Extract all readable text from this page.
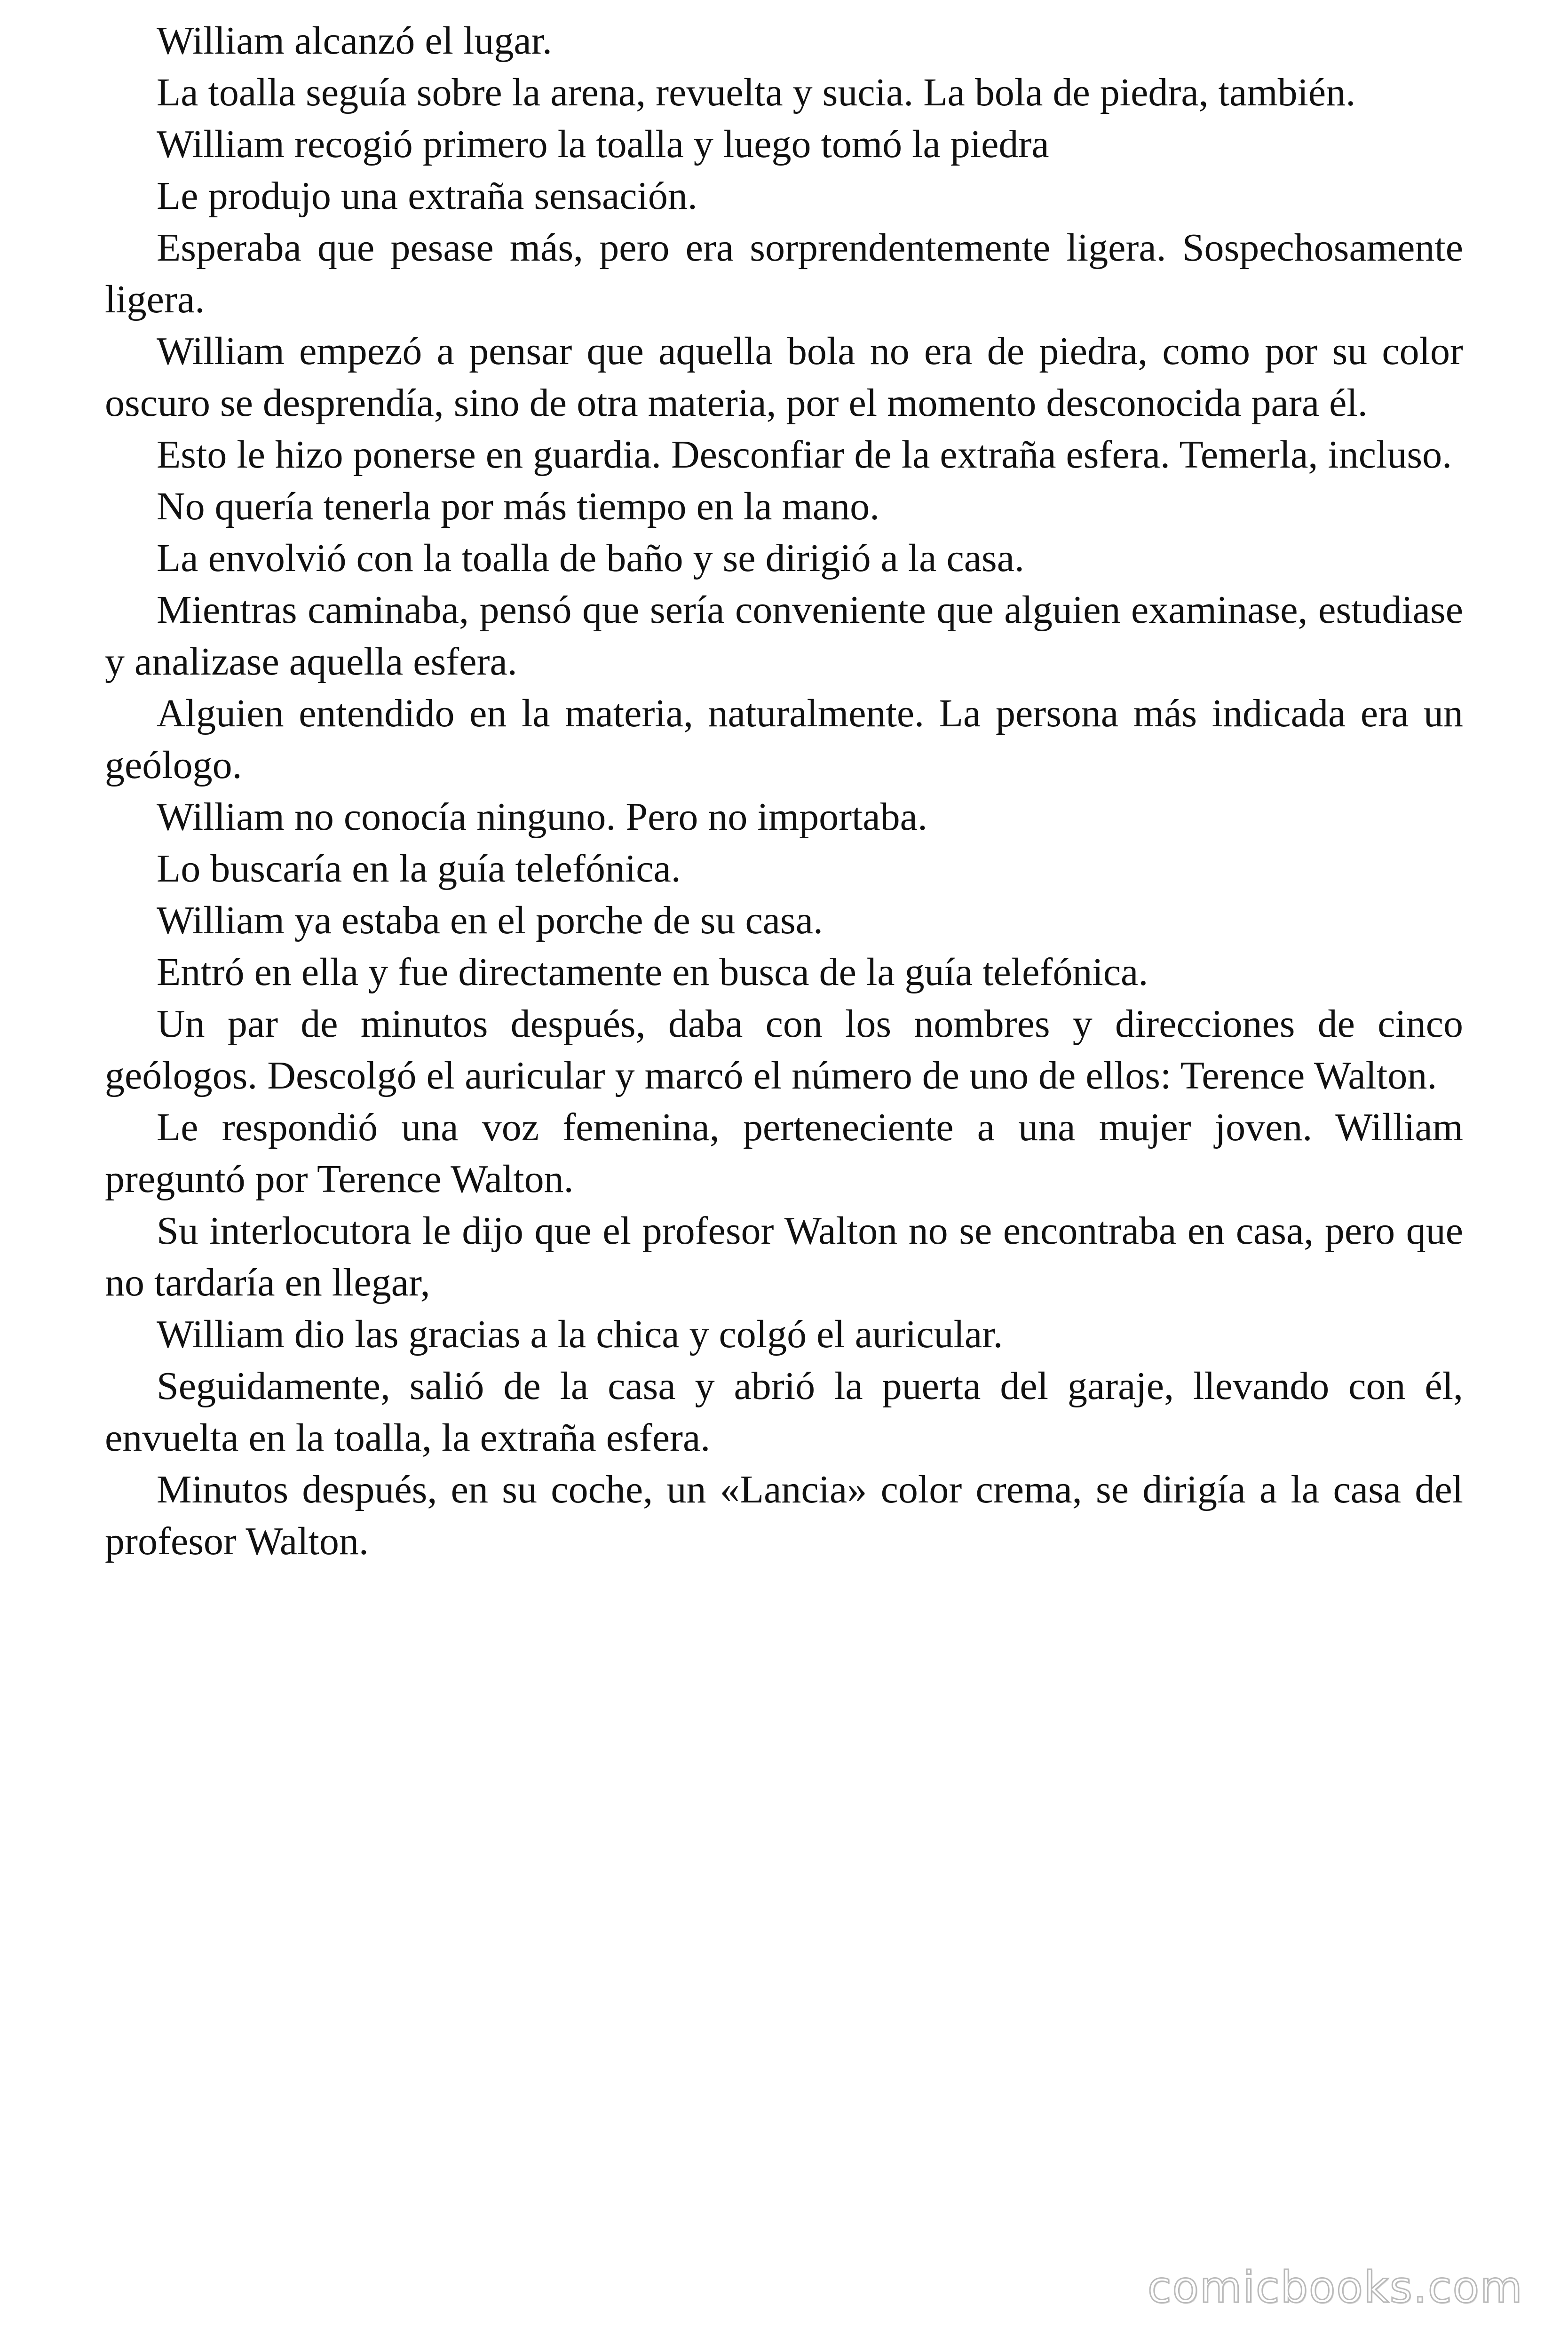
William alcanzó el lugar.

La toalla seguía sobre la arena, revuelta y sucia. La bola de piedra, también.

William recogió primero la toalla y luego tomó la piedra

Le produjo una extraña sensación.

Esperaba que pesase más, pero era sorprendentemente ligera. Sospechosamente ligera.

William empezó a pensar que aquella bola no era de piedra, como por su color oscuro se desprendía, sino de otra materia, por el momento desconocida para él.

Esto le hizo ponerse en guardia. Desconfiar de la extraña esfera. Temerla, incluso.

No quería tenerla por más tiempo en la mano.

La envolvió con la toalla de baño y se dirigió a la casa.

Mientras caminaba, pensó que sería conveniente que alguien examinase, estudiase y analizase aquella esfera.

Alguien entendido en la materia, naturalmente. La persona más indicada era un geólogo.

William no conocía ninguno. Pero no importaba.

Lo buscaría en la guía telefónica.

William ya estaba en el porche de su casa.

Entró en ella y fue directamente en busca de la guía telefónica.

Un par de minutos después, daba con los nombres y direcciones de cinco geólogos. Descolgó el auricular y marcó el número de uno de ellos: Terence Walton.

Le respondió una voz femenina, perteneciente a una mujer joven. William preguntó por Terence Walton.

Su interlocutora le dijo que el profesor Walton no se encontraba en casa, pero que no tardaría en llegar,

William dio las gracias a la chica y colgó el auricular.

Seguidamente, salió de la casa y abrió la puerta del garaje, llevando con él, envuelta en la toalla, la extraña esfera.

Minutos después, en su coche, un «Lancia» color crema, se dirigía a la casa del profesor Walton.

comicbooks.com
